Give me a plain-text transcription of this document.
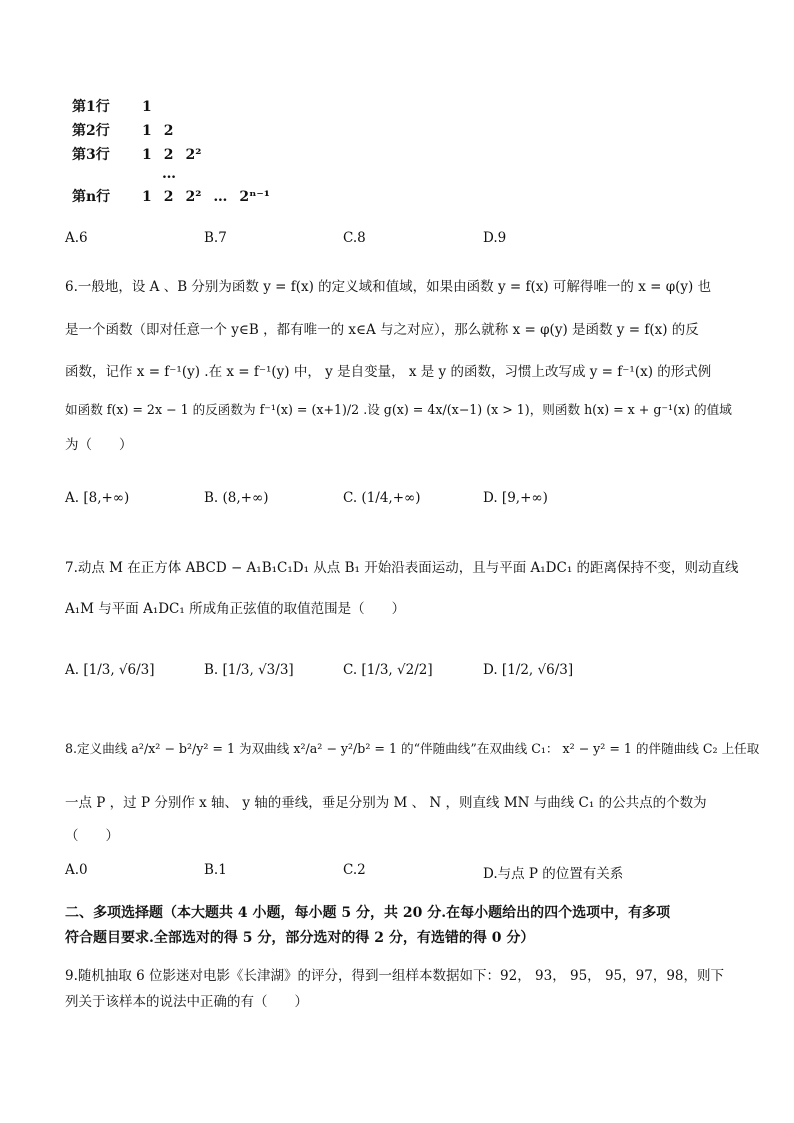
第1行 1
第2行 1 2
第3行 1 2 2²
…
第n行 1 2 2² … 2ⁿ⁻¹
A.6	B.7	C.8	D.9
6.一般地，设 A 、B 分别为函数 y = f(x) 的定义域和值域，如果由函数 y = f(x) 可解得唯一的 x = φ(y) 也
是一个函数（即对任意一个 y∈B ，都有唯一的 x∈A 与之对应），那么就称 x = φ(y) 是函数 y = f(x) 的反
函数，记作 x = f⁻¹(y) .在 x = f⁻¹(y) 中， y 是自变量， x 是 y 的函数，习惯上改写成 y = f⁻¹(x) 的形式例
如函数 f(x) = 2x − 1 的反函数为 f⁻¹(x) = (x+1)/2 .设 g(x) = 4x/(x−1) (x > 1)，则函数 h(x) = x + g⁻¹(x) 的值域
为（　　）
A. [8,+∞)	B. (8,+∞)	C. (1/4,+∞)	D. [9,+∞)
7.动点 M 在正方体 ABCD − A₁B₁C₁D₁ 从点 B₁ 开始沿表面运动，且与平面 A₁DC₁ 的距离保持不变，则动直线
A₁M 与平面 A₁DC₁ 所成角正弦值的取值范围是（　　）
A. [1/3, √6/3]	B. [1/3, √3/3]	C. [1/3, √2/2]	D. [1/2, √6/3]
8.定义曲线 a²/x² − b²/y² = 1 为双曲线 x²/a² − y²/b² = 1 的“伴随曲线”在双曲线 C₁： x² − y² = 1 的伴随曲线 C₂ 上任取
一点 P ，过 P 分别作 x 轴、 y 轴的垂线，垂足分别为 M 、 N ，则直线 MN 与曲线 C₁ 的公共点的个数为
（　　）
A.0	B.1	C.2	D.与点 P 的位置有关系
二、多项选择题（本大题共 4 小题，每小题 5 分，共 20 分.在每小题给出的四个选项中，有多项
符合题目要求.全部选对的得 5 分，部分选对的得 2 分，有选错的得 0 分）
9.随机抽取 6 位影迷对电影《长津湖》的评分，得到一组样本数据如下：92， 93， 95， 95，97，98，则下
列关于该样本的说法中正确的有（　　）
